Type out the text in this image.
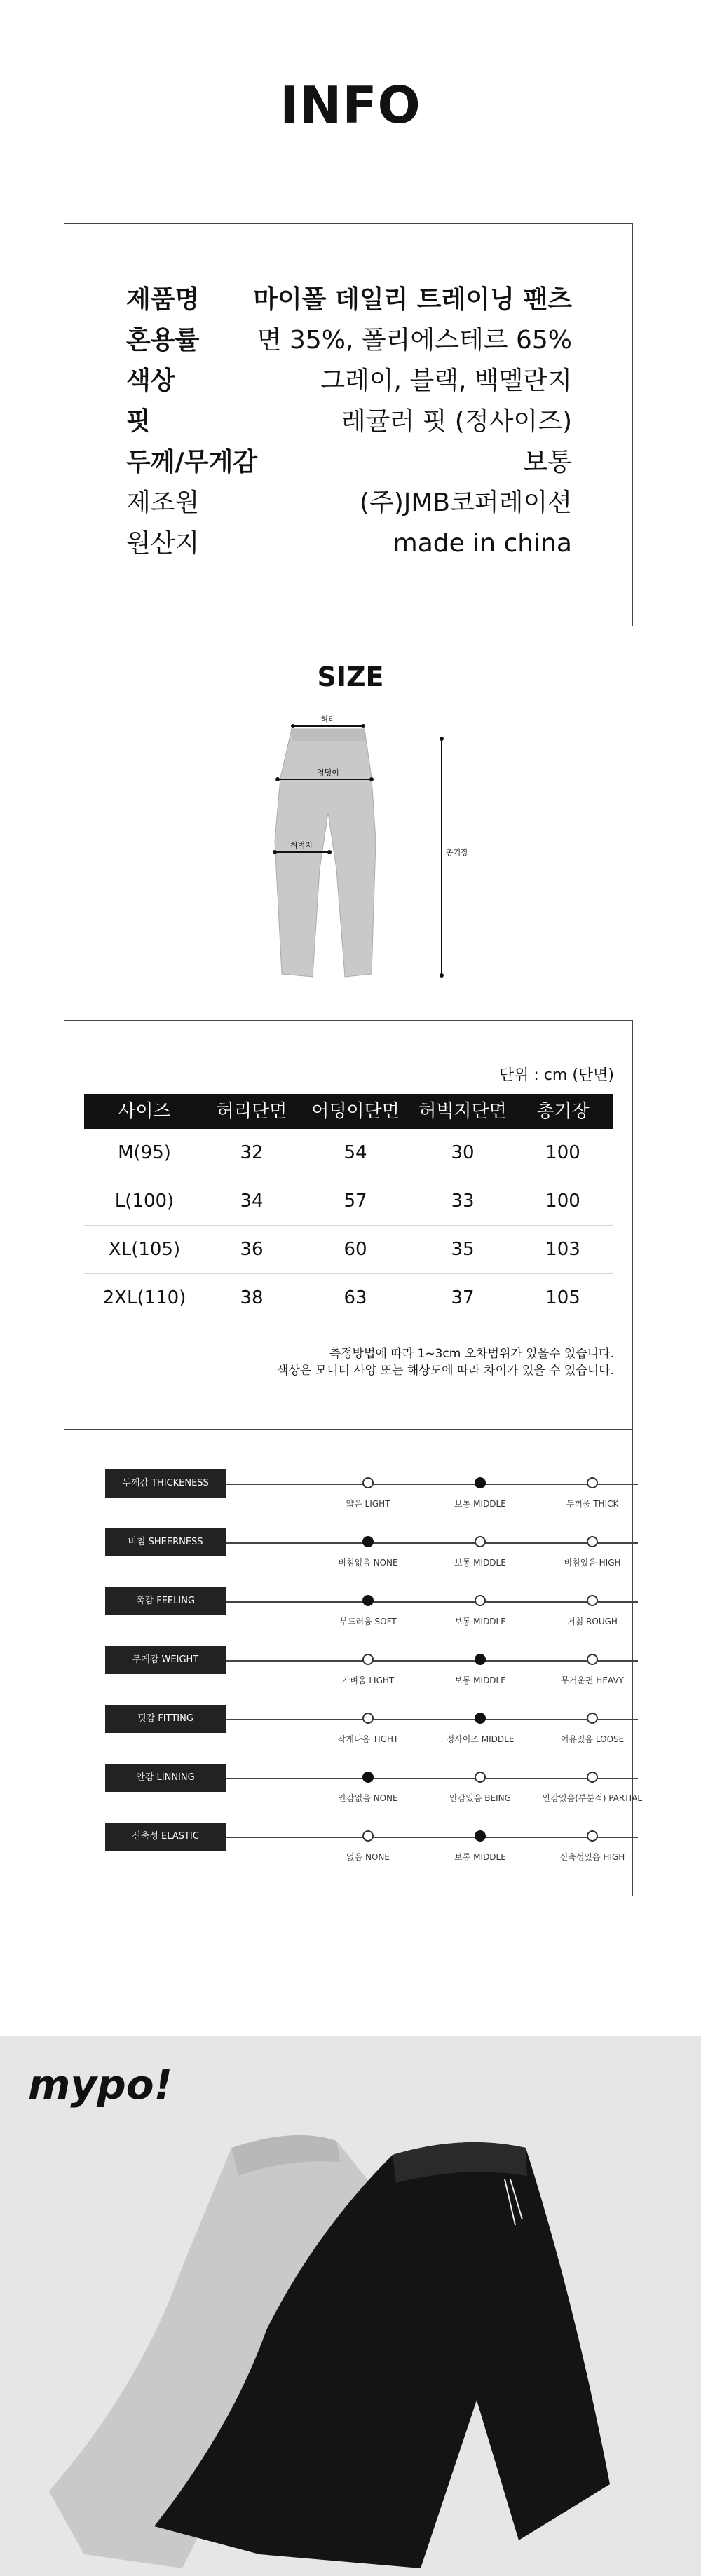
INFO
제품명 마이폴 데일리 트레이닝 팬츠
혼용률 면 35%, 폴리에스테르 65%
색상	그레이, 블랙, 백멜란지
핏	레귤러 핏 (정사이즈)
두께/무게감	보통
제조원	(주)JMB코퍼레이션
원산지	made in china
SIZE
허리
엉덩이
허벅지
총기장
단위 : cm (단면)
사이즈	허리단면	어덩이단면	허벅지단면	총기장
M(95)	32	54	30	100
L(100)	34	57	33	100
XL(105)	36	60	35	103
2XL(110)	38	63	37	105
측정방법에 따라 1~3cm 오차범위가 있을수 있습니다.
색상은 모니터 사양 또는 해상도에 따라 차이가 있을 수 있습니다.
두께감 THICKENESS
얇음 LIGHT	보통 MIDDLE	두꺼움 THICK
비침 SHEERNESS
비침없음 NONE	보통 MIDDLE	비침있음 HIGH
촉감 FEELING
부드러움 SOFT	보통 MIDDLE	거칢 ROUGH
무게감 WEIGHT
가벼움 LIGHT	보통 MIDDLE	무거운편 HEAVY
핏감 FITTING
작게나옴 TIGHT	정사이즈 MIDDLE	여유있음 LOOSE
안감 LINNING
안감없음 NONE	안감있음 BEING	안감있음(부분적) PARTIAL
신축성 ELASTIC
없음 NONE	보통 MIDDLE	신축성있음 HIGH
mypo!
